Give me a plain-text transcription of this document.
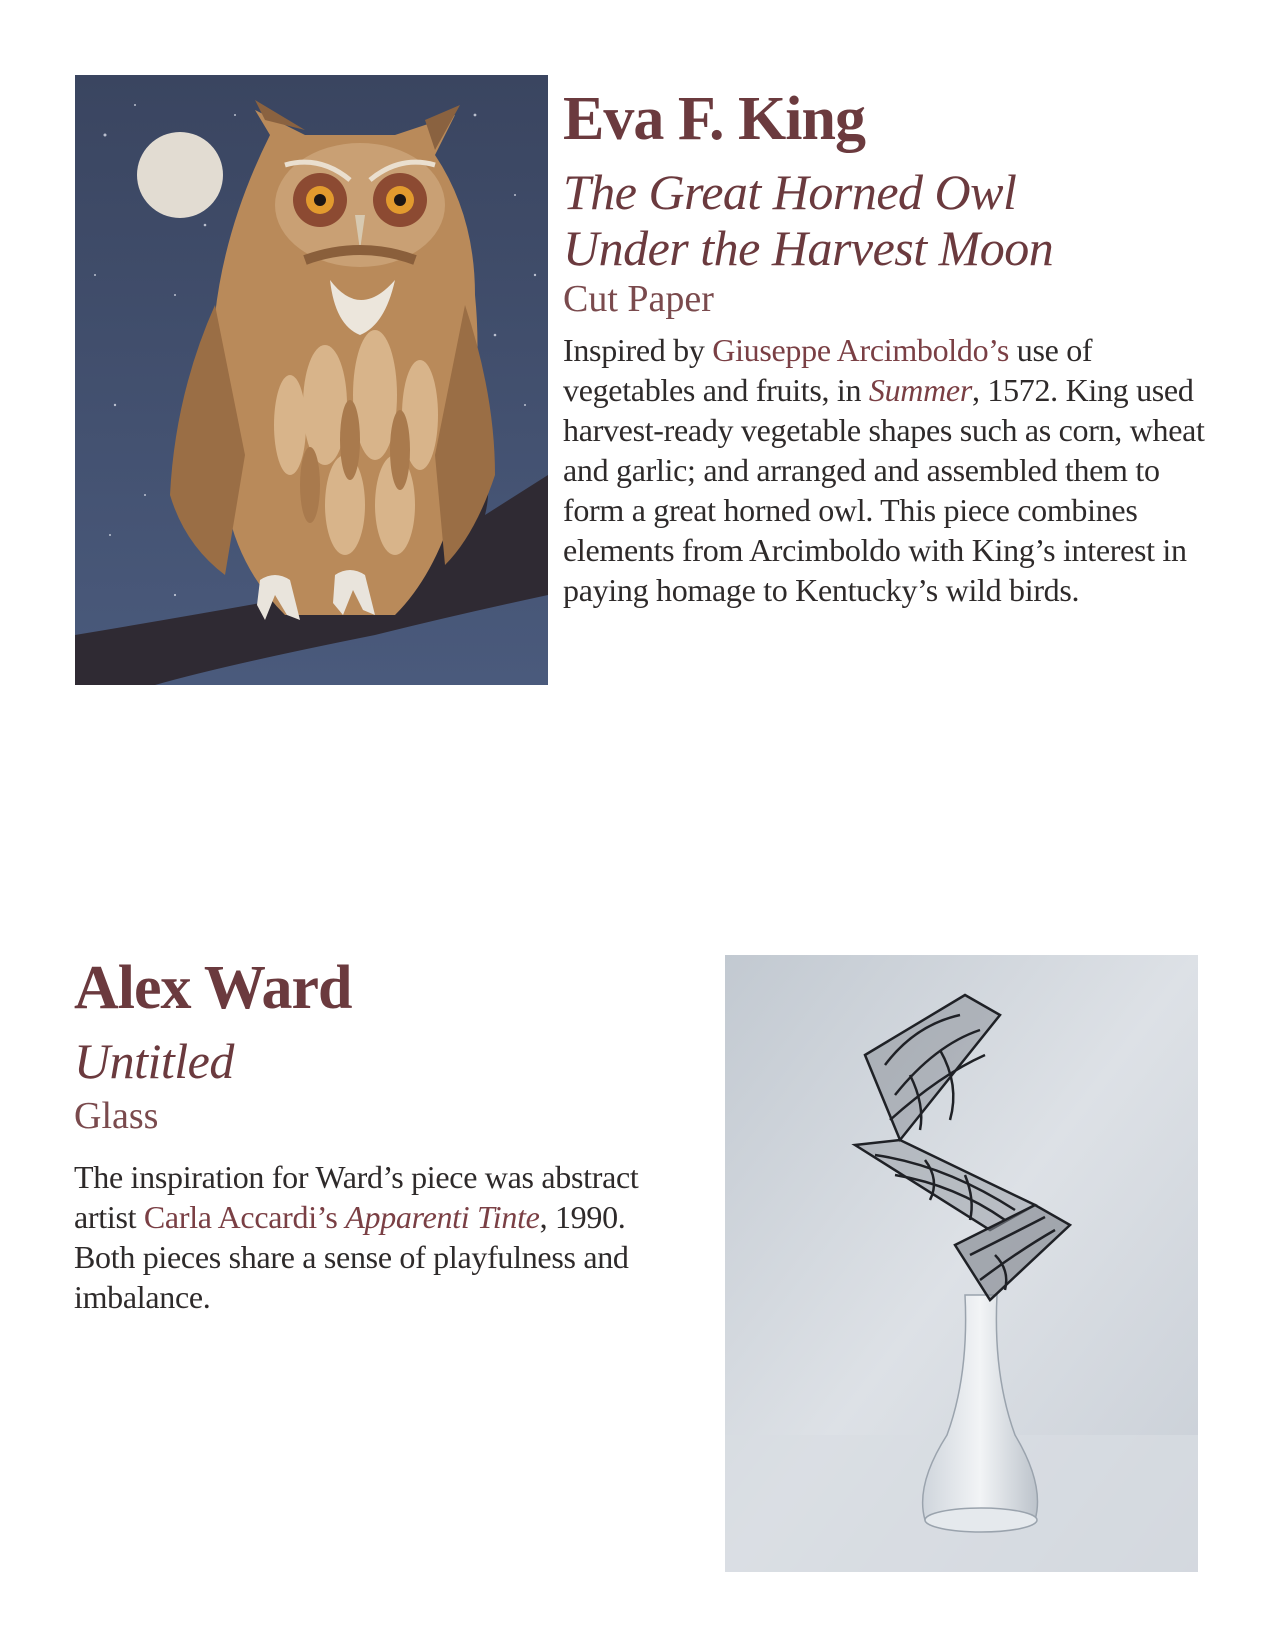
Eva F. King
The Great Horned Owl
Under the Harvest Moon
Cut Paper

Inspired by Giuseppe Arcimboldo’s use of vegetables and fruits, in Summer, 1572. King used harvest-ready vegetable shapes such as corn, wheat and garlic; and arranged and assembled them to form a great horned owl. This piece combines elements from Arcimboldo with King’s interest in paying homage to Kentucky’s wild birds.

Alex Ward
Untitled
Glass

The inspiration for Ward’s piece was abstract artist Carla Accardi’s Apparenti Tinte, 1990. Both pieces share a sense of playfulness and imbalance.
